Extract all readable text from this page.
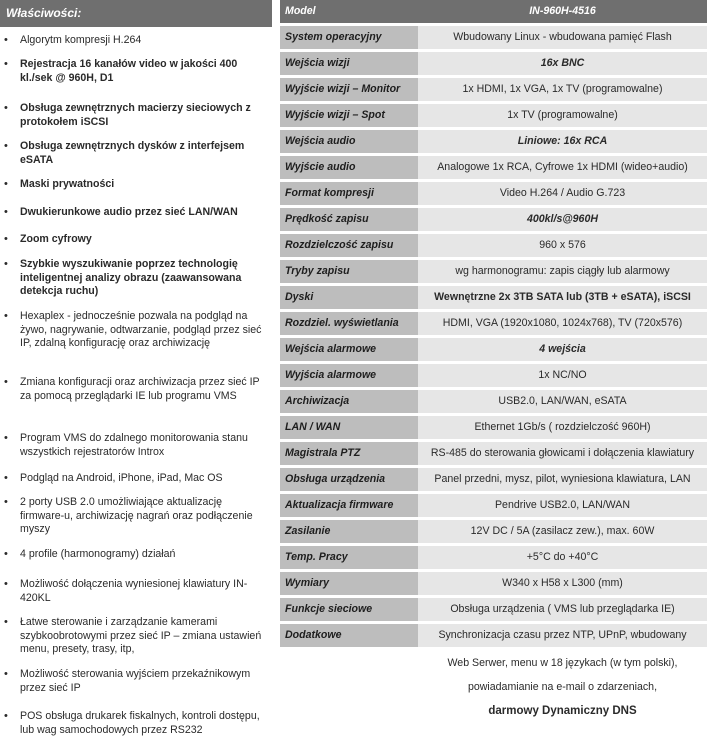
Właściwości:
• Algorytm kompresji H.264
• Rejestracja 16 kanałów video w jakości 400 kl./sek @ 960H, D1
• Obsługa zewnętrznych macierzy sieciowych z protokołem iSCSI
• Obsługa zewnętrznych dysków z interfejsem eSATA
• Maski prywatności
• Dwukierunkowe audio przez sieć LAN/WAN
• Zoom cyfrowy
• Szybkie wyszukiwanie poprzez technologię inteligentnej analizy obrazu (zaawansowana detekcja ruchu)
• Hexaplex - jednocześnie pozwala na podgląd na żywo, nagrywanie, odtwarzanie, podgląd przez sieć IP, zdalną konfigurację oraz archiwizację
• Zmiana konfiguracji oraz archiwizacja przez sieć IP za pomocą przeglądarki IE lub programu VMS
• Program VMS do zdalnego monitorowania stanu wszystkich rejestratorów Introx
• Podgląd na Android, iPhone, iPad, Mac OS
• 2 porty USB 2.0 umożliwiające aktualizację firmware-u, archiwizację nagrań oraz podłączenie myszy
• 4 profile (harmonogramy) działań
• Możliwość dołączenia wyniesionej klawiatury IN-420KL
• Łatwe sterowanie i zarządzanie kamerami szybkoobrotowymi przez sieć IP – zmiana ustawień menu, presety, trasy, itp,
• Możliwość sterowania wyjściem przekaźnikowym przez sieć IP
• POS obsługa drukarek fiskalnych, kontroli dostępu, lub wag samochodowych przez RS232
Model	IN-960H-4516
System operacyjny	Wbudowany Linux - wbudowana pamięć Flash
Wejścia wizji	16x BNC
Wyjście wizji – Monitor	1x HDMI, 1x VGA, 1x TV (programowalne)
Wyjście wizji – Spot	1x TV (programowalne)
Wejścia audio	Liniowe: 16x RCA
Wyjście audio	Analogowe 1x RCA, Cyfrowe 1x HDMI (wideo+audio)
Format kompresji	Video H.264 / Audio G.723
Prędkość zapisu	400kl/s@960H
Rozdzielczość zapisu	960 x 576
Tryby zapisu	wg harmonogramu: zapis ciągły lub alarmowy
Dyski	Wewnętrzne 2x 3TB SATA lub (3TB + eSATA), iSCSI
Rozdziel. wyświetlania	HDMI, VGA (1920x1080, 1024x768), TV (720x576)
Wejścia alarmowe	4 wejścia
Wyjścia alarmowe	1x NC/NO
Archiwizacja	USB2.0, LAN/WAN, eSATA
LAN / WAN	Ethernet 1Gb/s ( rozdzielczość 960H)
Magistrala PTZ	RS-485 do sterowania głowicami i dołączenia klawiatury
Obsługa urządzenia	Panel przedni, mysz, pilot, wyniesiona klawiatura, LAN
Aktualizacja firmware	Pendrive USB2.0, LAN/WAN
Zasilanie	12V DC / 5A (zasilacz zew.), max. 60W
Temp. Pracy	+5°C do +40°C
Wymiary	W340 x H58 x L300 (mm)
Funkcje sieciowe	Obsługa urządzenia ( VMS lub przeglądarka IE)
Dodatkowe	Synchronizacja czasu przez NTP, UPnP, wbudowany
Web Serwer, menu w 18 językach (w tym polski),
powiadamianie na e-mail o zdarzeniach,
darmowy Dynamiczny DNS
